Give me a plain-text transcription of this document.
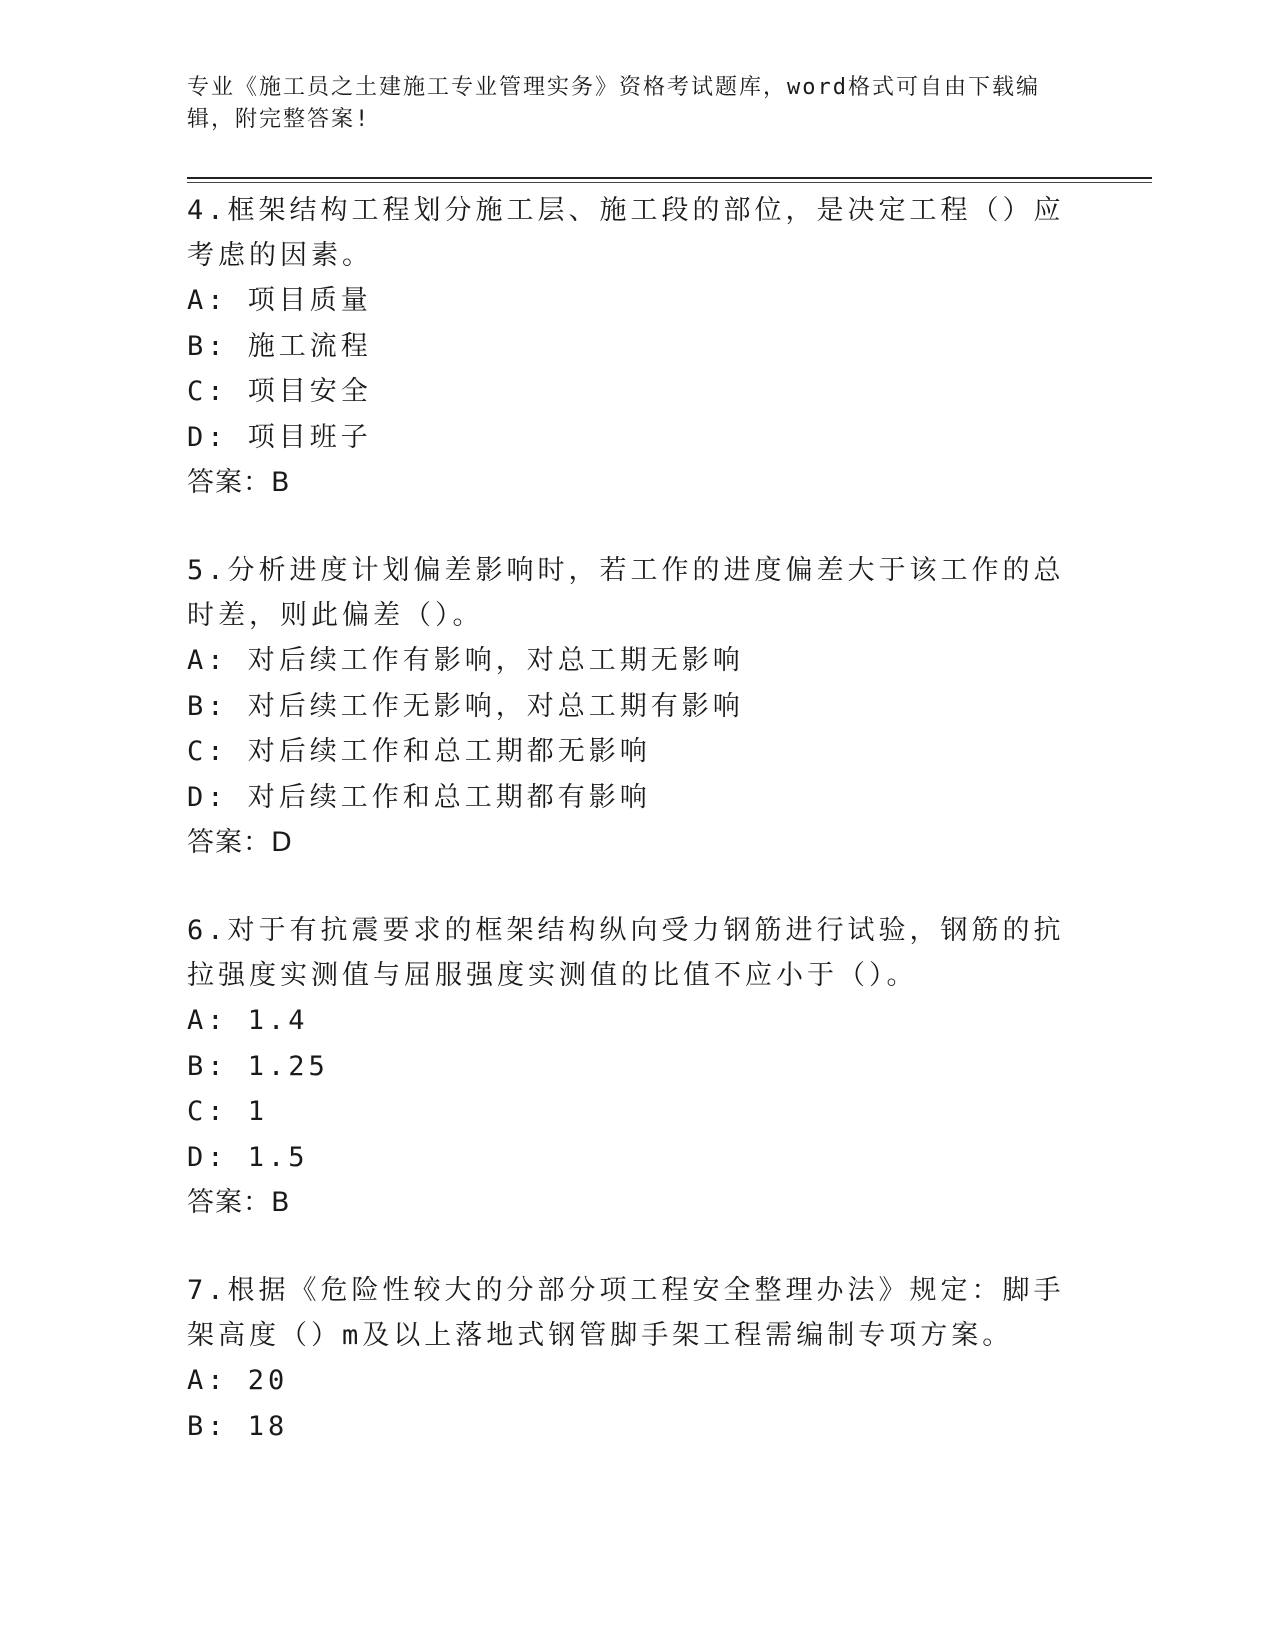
专业《施工员之土建施工专业管理实务》资格考试题库，word格式可自由下载编辑，附完整答案!
4.框架结构工程划分施工层、施工段的部位，是决定工程（）应考虑的因素。
A: 项目质量
B: 施工流程
C: 项目安全
D: 项目班子
答案：B
5.分析进度计划偏差影响时，若工作的进度偏差大于该工作的总时差，则此偏差（）。
A: 对后续工作有影响，对总工期无影响
B: 对后续工作无影响，对总工期有影响
C: 对后续工作和总工期都无影响
D: 对后续工作和总工期都有影响
答案：D
6.对于有抗震要求的框架结构纵向受力钢筋进行试验，钢筋的抗拉强度实测值与屈服强度实测值的比值不应小于（）。
A: 1.4
B: 1.25
C: 1
D: 1.5
答案：B
7.根据《危险性较大的分部分项工程安全整理办法》规定：脚手架高度（）m及以上落地式钢管脚手架工程需编制专项方案。
A: 20
B: 18
